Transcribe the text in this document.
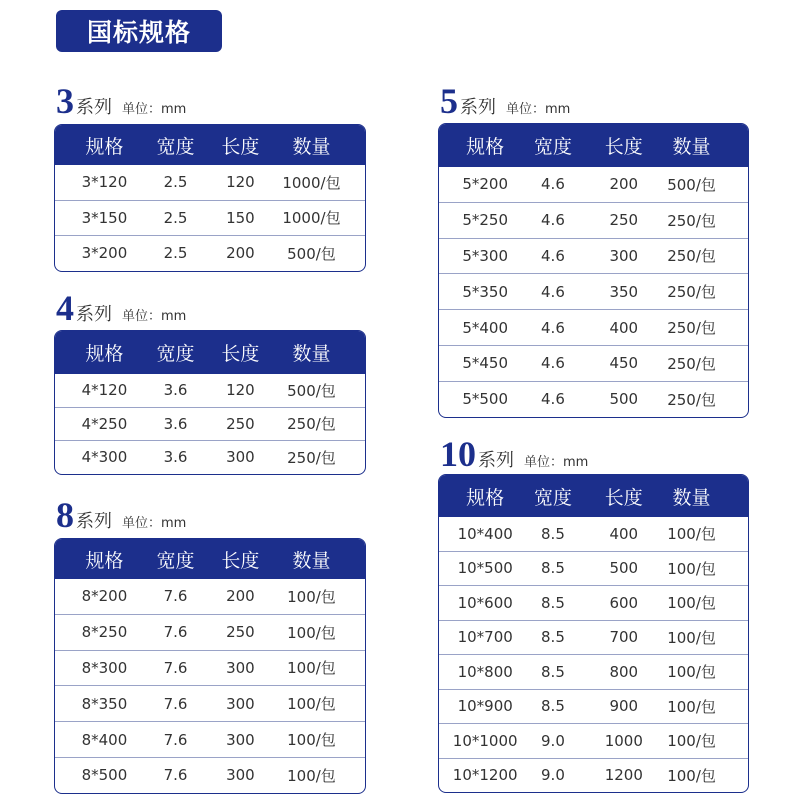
国标规格
3 系列 单位：mm
规格	宽度	长度	数量
3*120	2.5	120	1000/包
3*150	2.5	150	1000/包
3*200	2.5	200	500/包
4 系列 单位：mm
规格	宽度	长度	数量
4*120	3.6	120	500/包
4*250	3.6	250	250/包
4*300	3.6	300	250/包
8 系列 单位：mm
规格	宽度	长度	数量
8*200	7.6	200	100/包
8*250	7.6	250	100/包
8*300	7.6	300	100/包
8*350	7.6	300	100/包
8*400	7.6	300	100/包
8*500	7.6	300	100/包
5 系列 单位：mm
规格	宽度	长度	数量
5*200	4.6	200	500/包
5*250	4.6	250	250/包
5*300	4.6	300	250/包
5*350	4.6	350	250/包
5*400	4.6	400	250/包
5*450	4.6	450	250/包
5*500	4.6	500	250/包
10 系列 单位：mm
规格	宽度	长度	数量
10*400	8.5	400	100/包
10*500	8.5	500	100/包
10*600	8.5	600	100/包
10*700	8.5	700	100/包
10*800	8.5	800	100/包
10*900	8.5	900	100/包
10*1000	9.0	1000	100/包
10*1200	9.0	1200	100/包
